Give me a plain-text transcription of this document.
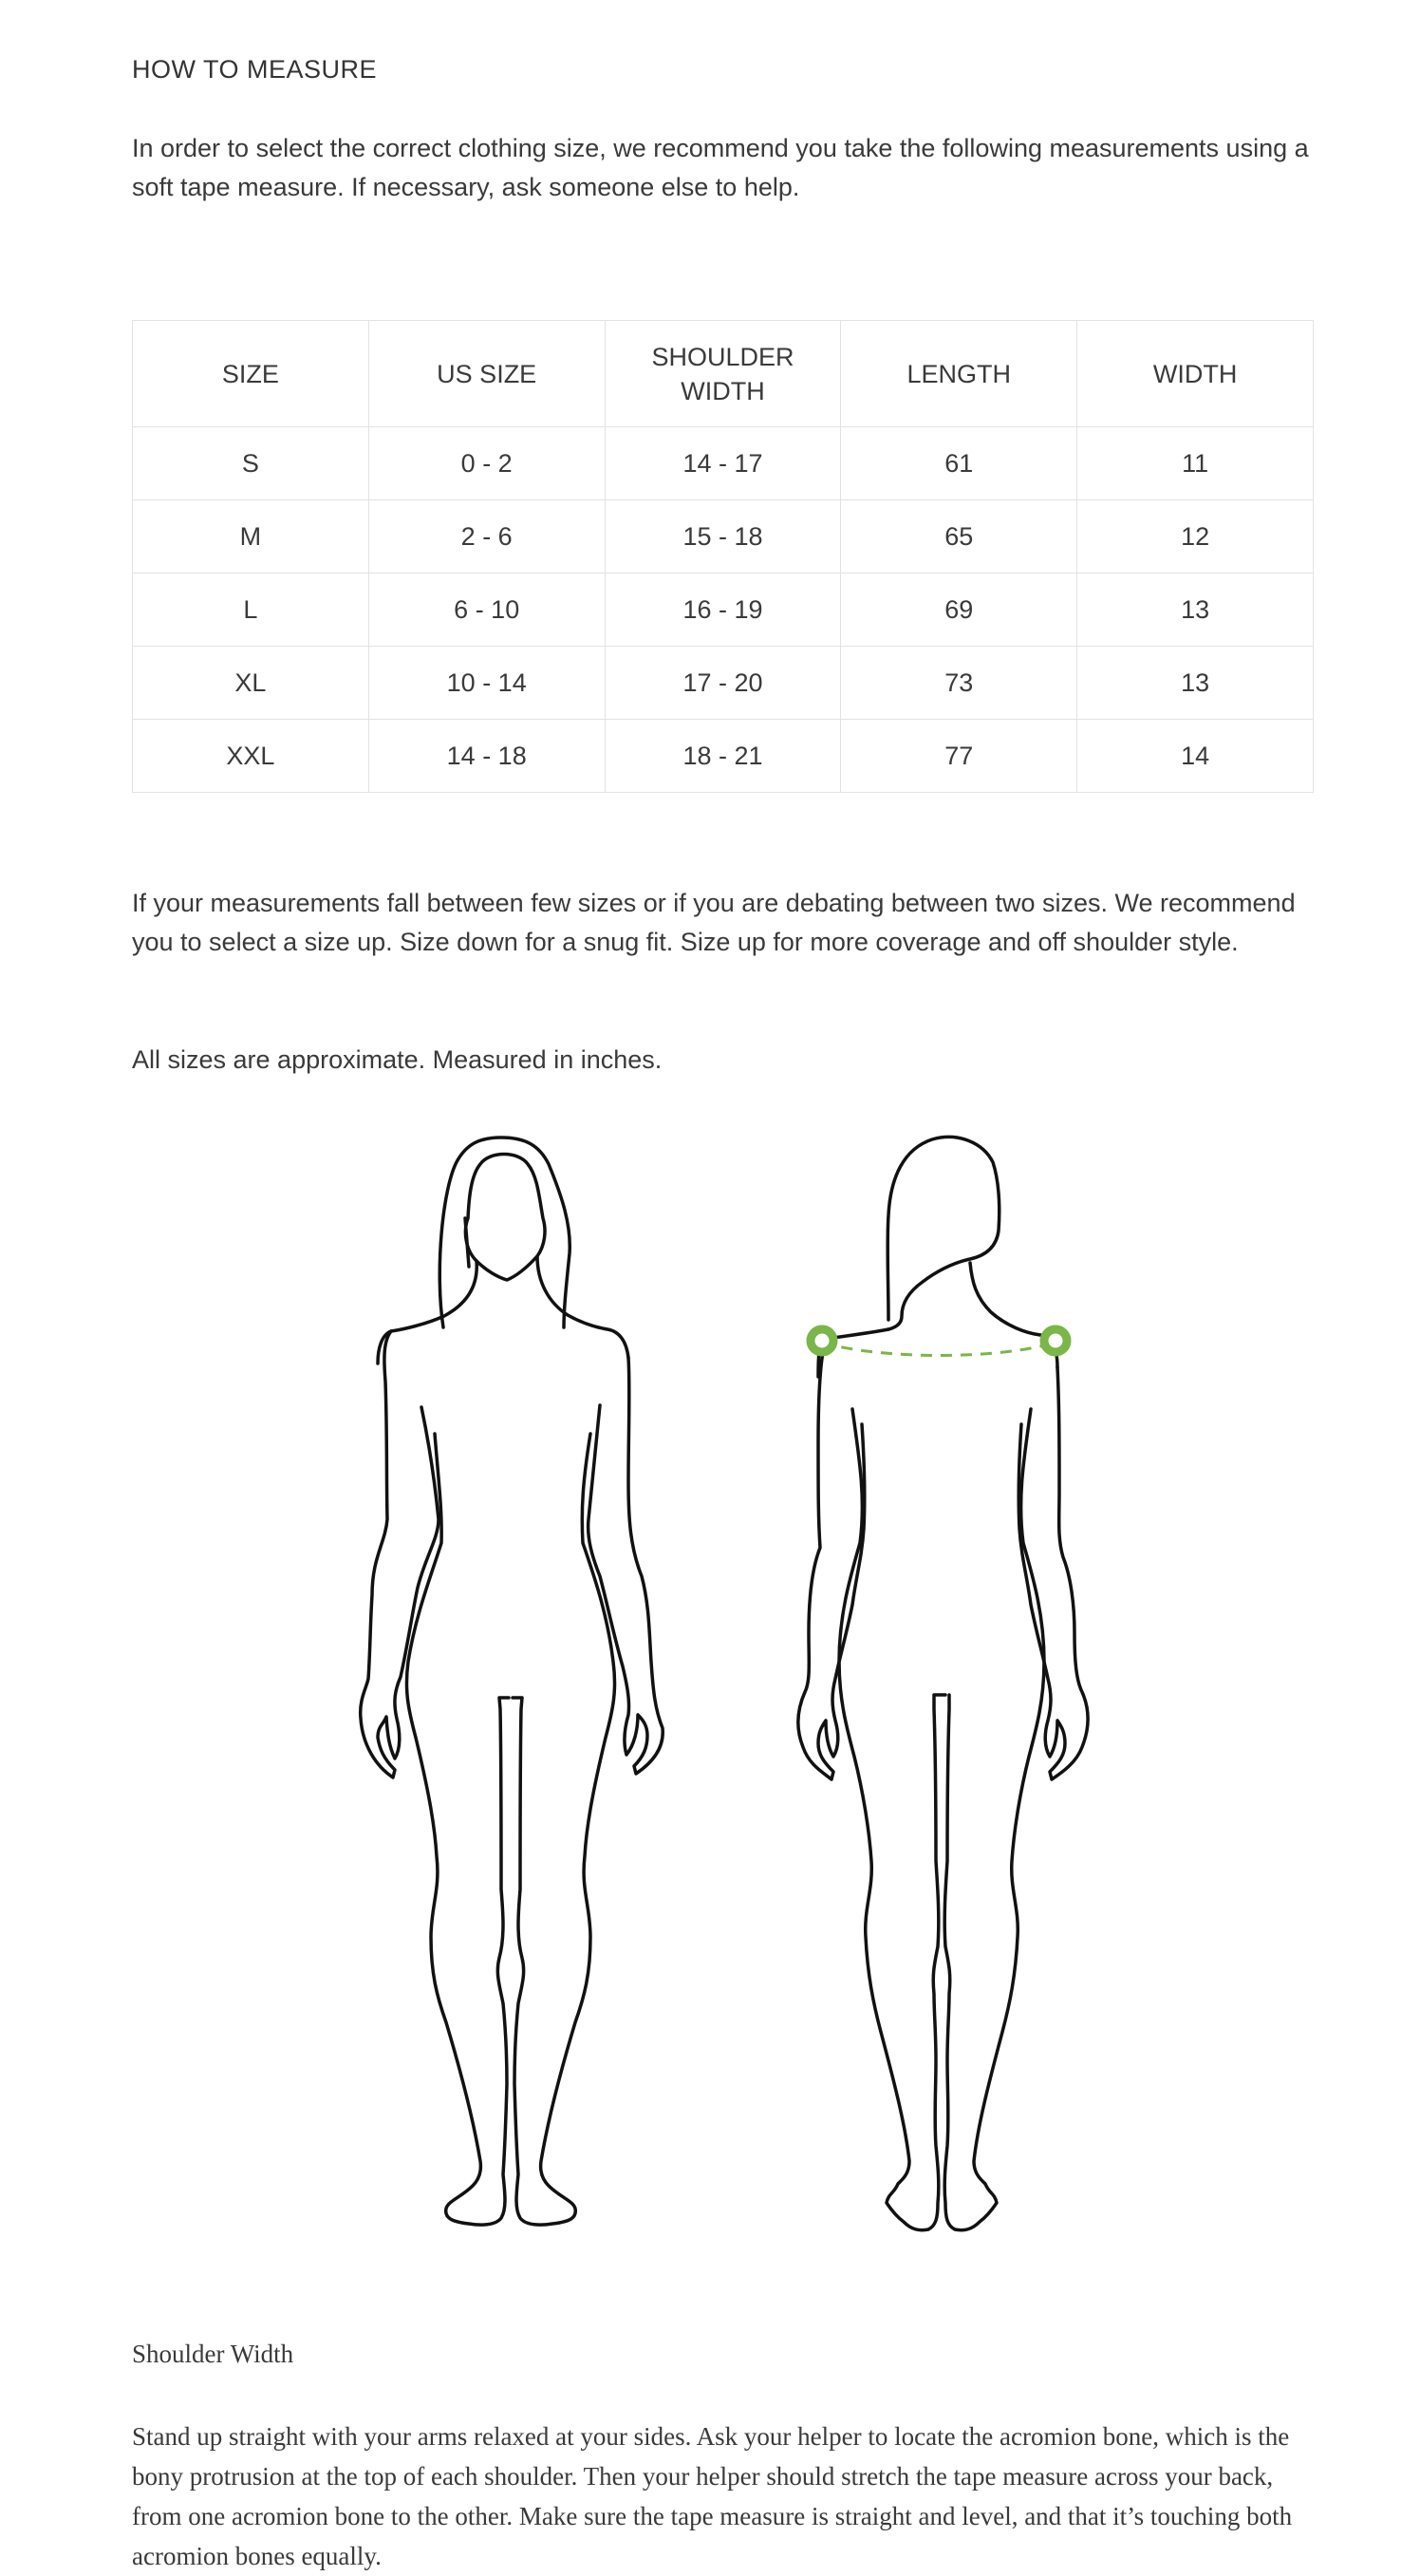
HOW TO MEASURE

In order to select the correct clothing size, we recommend you take the following measurements using a soft tape measure. If necessary, ask someone else to help.

SIZE	US SIZE	SHOULDER WIDTH	LENGTH	WIDTH
S	0 - 2	14 - 17	61	11
M	2 - 6	15 - 18	65	12
L	6 - 10	16 - 19	69	13
XL	10 - 14	17 - 20	73	13
XXL	14 - 18	18 - 21	77	14

If your measurements fall between few sizes or if you are debating between two sizes. We recommend you to select a size up. Size down for a snug fit. Size up for more coverage and off shoulder style.

All sizes are approximate. Measured in inches.

Shoulder Width

Stand up straight with your arms relaxed at your sides. Ask your helper to locate the acromion bone, which is the bony protrusion at the top of each shoulder. Then your helper should stretch the tape measure across your back, from one acromion bone to the other. Make sure the tape measure is straight and level, and that it’s touching both acromion bones equally.
